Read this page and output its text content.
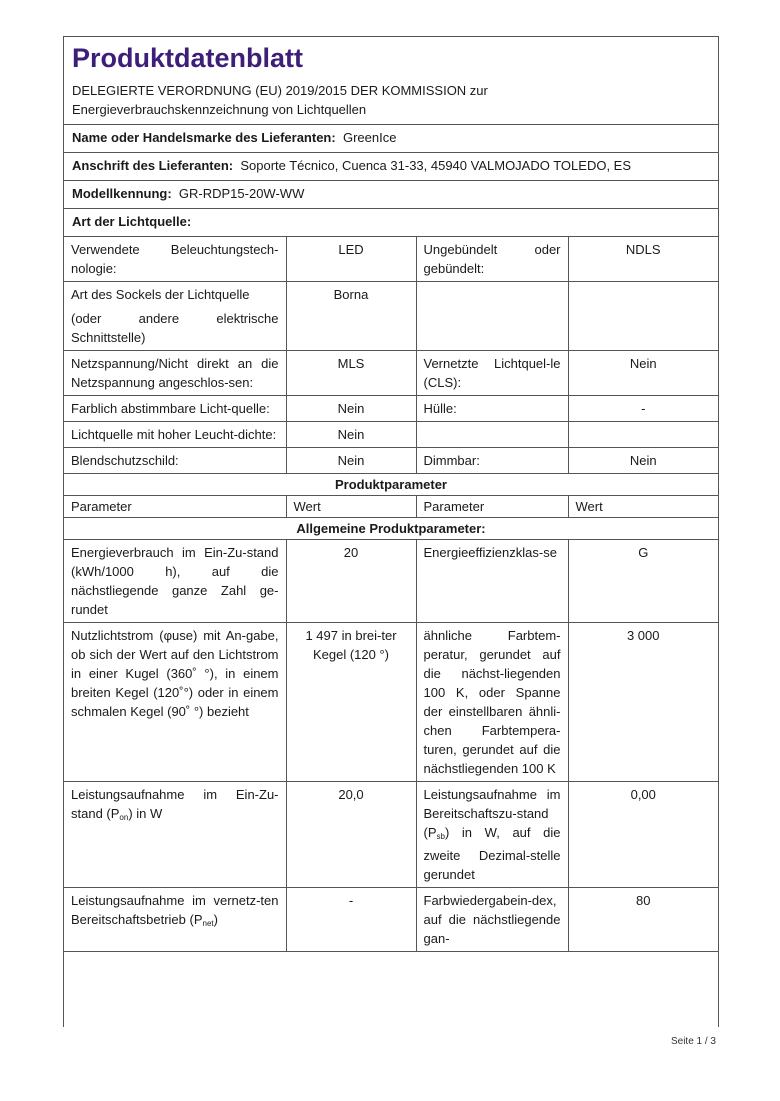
Produktdatenblatt
DELEGIERTE VERORDNUNG (EU) 2019/2015 DER KOMMISSION zur
Energieverbrauchskennzeichnung von Lichtquellen
Name oder Handelsmarke des Lieferanten: GreenIce
Anschrift des Lieferanten: Soporte Técnico, Cuenca 31-33, 45940 VALMOJADO TOLEDO, ES
Modellkennung: GR-RDP15-20W-WW
Art der Lichtquelle:
Verwendete Beleuchtungstech-nologie:	LED	Ungebündelt oder gebündelt:	NDLS
Art des Sockels der Lichtquelle
(oder andere elektrische Schnittstelle)	Borna		
Netzspannung/Nicht direkt an die Netzspannung angeschlos-sen:	MLS	Vernetzte Lichtquel-le (CLS):	Nein
Farblich abstimmbare Licht-quelle:	Nein	Hülle:	-
Lichtquelle mit hoher Leucht-dichte:	Nein		
Blendschutzschild:	Nein	Dimmbar:	Nein
Produktparameter			
Parameter	Wert	Parameter	Wert
Allgemeine Produktparameter:			
Energieverbrauch im Ein-Zu-stand (kWh/1000 h), auf die nächstliegende ganze Zahl ge-rundet	20	Energieeffizienzklas-se	G
Nutzlichtstrom (φuse) mit An-gabe, ob sich der Wert auf den Lichtstrom in einer Kugel (360˚ °), in einem breiten Kegel (120˚°) oder in einem schmalen Kegel (90˚ °) bezieht	1 497 in brei-ter Kegel (120 °)	ähnliche Farbtem-peratur, gerundet auf die nächst-liegenden 100 K, oder Spanne der einstellbaren ähnli-chen Farbtempera-turen, gerundet auf die nächstliegenden 100 K	3 000
Leistungsaufnahme im Ein-Zu-stand $(P_{on})$ in W	20,0	Leistungsaufnahme im Bereitschaftszu-stand $(P_{sb})$ in W, auf die zweite Dezimal-stelle gerundet	0,00
Leistungsaufnahme im vernetz-ten Bereitschaftsbetrieb $(P_{net})$	-	Farbwiedergabein-dex, auf die nächstliegende gan-	80
Seite 1 / 3
